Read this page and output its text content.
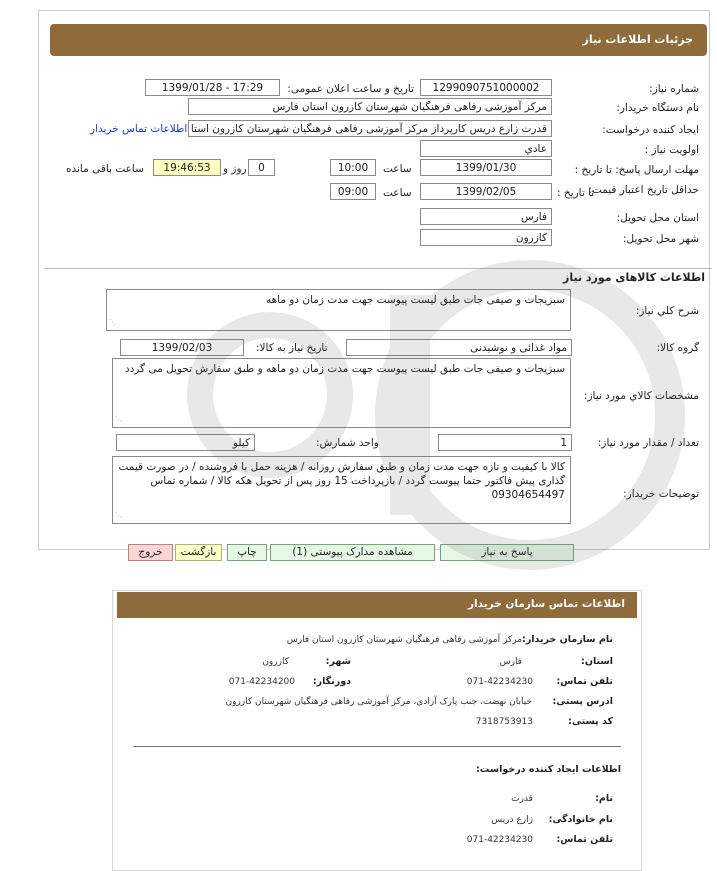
جزئیات اطلاعات نیاز
شماره نیاز:
1299090751000002
تاریخ و ساعت اعلان عمومی:
1399/01/28 - 17:29
نام دستگاه خریدار:
مرکز آموزشی رفاهی فرهنگیان شهرستان کازرون استان فارس
ایجاد کننده درخواست:
قدرت زارع دریس کارپرداز مرکز آموزشی رفاهی فرهنگیان شهرستان کازرون استا
اطلاعات تماس خریدار
اولویت نیاز :
عادي
مهلت ارسال پاسخ: تا تاریخ :
1399/01/30
ساعت
10:00
0
روز و
19:46:53
ساعت باقی مانده
حداقل تاریخ اعتبار قیمت:
تا تاریخ :
1399/02/05
ساعت
09:00
استان محل تحویل:
فارس
شهر محل تحویل:
کازرون
اطلاعات کالاهای مورد نیاز
شرح کلي نياز:
سبزیجات و صیفی جات طبق لیست پیوست جهت مدت زمان دو ماهه
⋰
گروه کالا:
مواد غذائی و نوشیدنی
تاریخ نیاز به کالا:
1399/02/03
مشخصات کالاي مورد نياز:
سبزیجات و صیفی جات طبق لیست پیوست جهت مدت زمان دو ماهه و طبق سفارش تحویل می گردد
⋰
تعداد / مقدار مورد نیاز:
1
واحد شمارش:
کیلو
توضیحات خریدار:
کالا با کیفیت و تازه جهت مدت زمان و طبق سفارش روزانه / هزینه حمل با فروشنده / در صورت قیمت گذاری پیش فاکتور حتما پیوست گردد / بازپرداخت 15 روز پس از تحویل هکه کالا / شماره تماس 09304654497
⋰
پاسخ به نیاز
مشاهده مدارک پیوستی (1)
چاپ
بازگشت
خروج
اطلاعات تماس سازمان خریدار
نام سازمان خریدار:
مرکز آموزشی رفاهی فرهنگیان شهرستان کازرون استان فارس
استان:
فارس
شهر:
کازرون
تلفن تماس:
071-42234230
دورنگار:
071-42234200
ادرس پستی:
خیابان نهضت، جنب پارک آزادی، مرکز آموزشی رفاهی فرهنگیان شهرستان کازرون
کد پستی:
7318753913
اطلاعات ایجاد کننده درخواست:
نام:
قدرت
نام خانوادگی:
زارع دریس
تلفن تماس:
071-42234230
